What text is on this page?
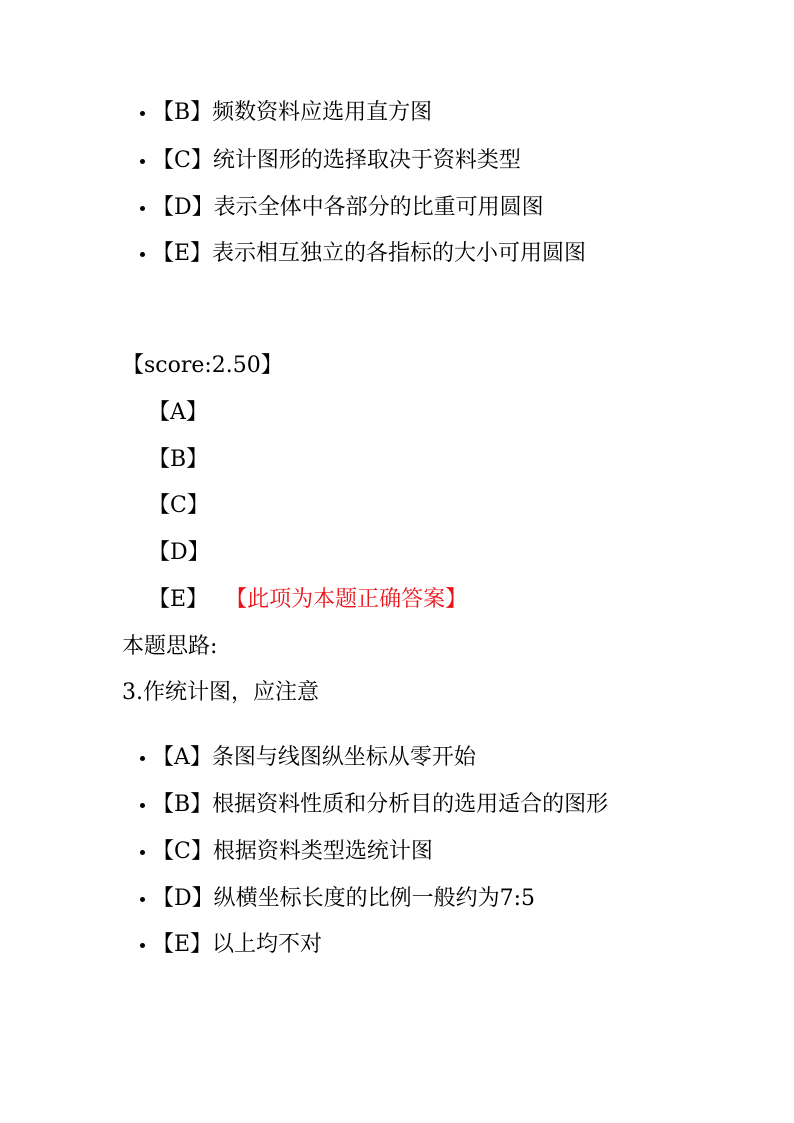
【B】频数资料应选用直方图
【C】统计图形的选择取决于资料类型
【D】表示全体中各部分的比重可用圆图
【E】表示相互独立的各指标的大小可用圆图
【score:2.50】
【A】
【B】
【C】
【D】
【E】 【此项为本题正确答案】
本题思路:
3.作统计图，应注意
【A】条图与线图纵坐标从零开始
【B】根据资料性质和分析目的选用适合的图形
【C】根据资料类型选统计图
【D】纵横坐标长度的比例一般约为7:5
【E】以上均不对
